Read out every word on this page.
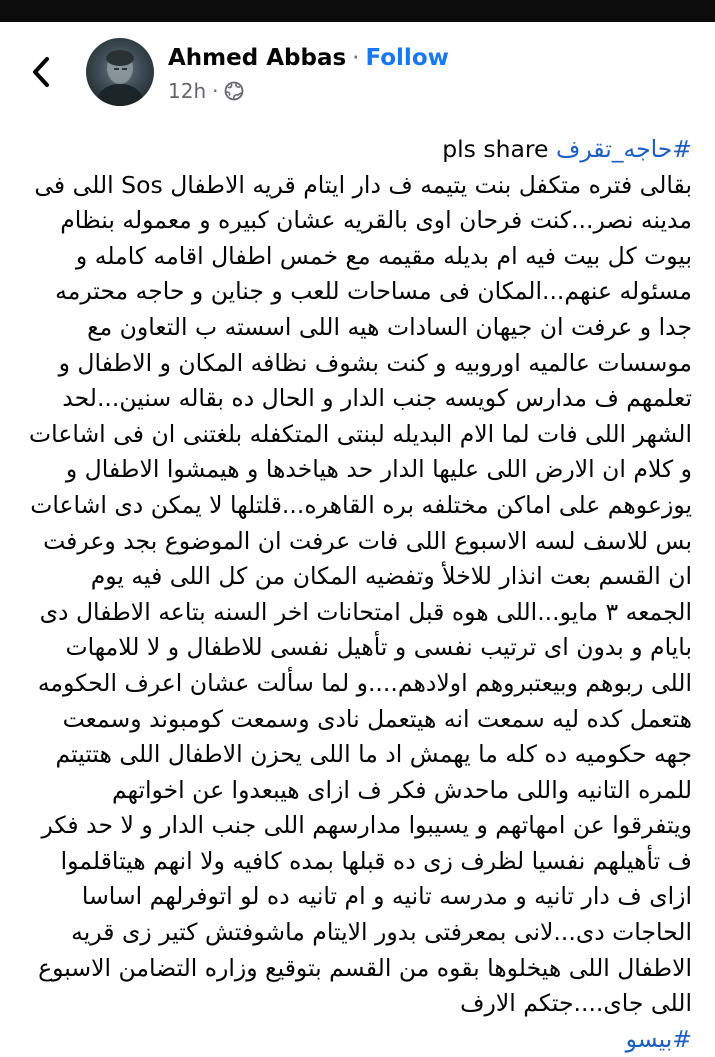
Ahmed Abbas · Follow
12h ·

#حاجه_تقرف pls share

بقالى فتره متكفل بنت يتيمه ف دار ايتام قريه الاطفال Sos اللى فى

مدينه نصر...كنت فرحان اوى بالقريه عشان كبيره و معموله بنظام

بيوت كل بيت فيه ام بديله مقيمه مع خمس اطفال اقامه كامله و

مسئوله عنهم...المكان فى مساحات للعب و جناين و حاجه محترمه

جدا و عرفت ان جيهان السادات هيه اللى اسسته ب التعاون مع

موسسات عالميه اوروبيه و كنت بشوف نظافه المكان و الاطفال و

تعلمهم ف مدارس كويسه جنب الدار و الحال ده بقاله سنين...لحد

الشهر اللى فات لما الام البديله لبنتى المتكفله بلغتنى ان فى اشاعات

و كلام ان الارض اللى عليها الدار حد هياخدها و هيمشوا الاطفال و

يوزعوهم على اماكن مختلفه بره القاهره...قلتلها لا يمكن دى اشاعات

بس للاسف لسه الاسبوع اللى فات عرفت ان الموضوع بجد وعرفت

ان القسم بعت انذار للاخلأ وتفضيه المكان من كل اللى فيه يوم

الجمعه ٣ مايو...اللى هوه قبل امتحانات اخر السنه بتاعه الاطفال دى

بايام و بدون اى ترتيب نفسى و تأهيل نفسى للاطفال و لا للامهات

اللى ربوهم وبيعتبروهم اولادهم....و لما سألت عشان اعرف الحكومه

هتعمل كده ليه سمعت انه هيتعمل نادى وسمعت كومبوند وسمعت

جهه حكوميه ده كله ما يهمش اد ما اللى يحزن الاطفال اللى هتتيتم

للمره التانيه واللى ماحدش فكر ف ازاى هيبعدوا عن اخواتهم

ويتفرقوا عن امهاتهم و يسيبوا مدارسهم اللى جنب الدار و لا حد فكر

ف تأهيلهم نفسيا لظرف زى ده قبلها بمده كافيه ولا انهم هيتاقلموا

ازاى ف دار تانيه و مدرسه تانيه و ام تانيه ده لو اتوفرلهم اساسا

الحاجات دى...لانى بمعرفتى بدور الايتام ماشوفتش كتير زى قريه

الاطفال اللى هيخلوها بقوه من القسم بتوقيع وزاره التضامن الاسبوع

اللى جاى....جتكم الارف

#بيسو
